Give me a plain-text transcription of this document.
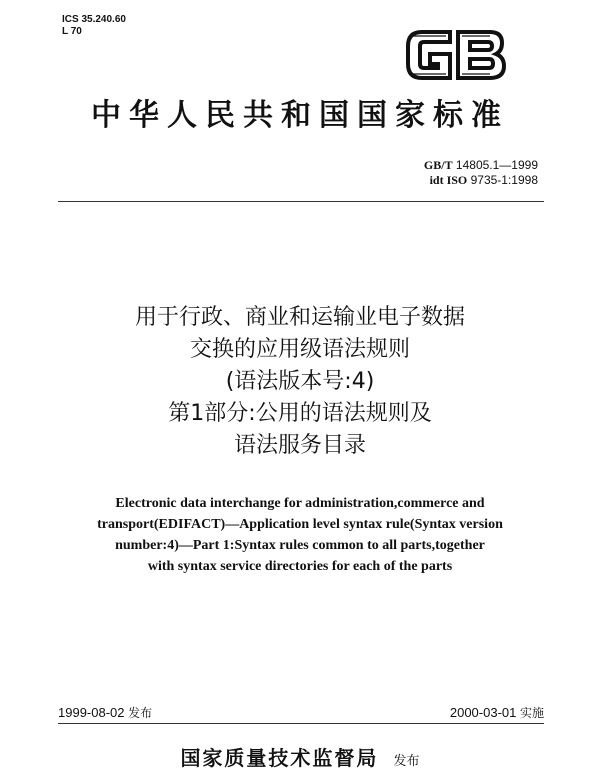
ICS 35.240.60
L 70
中华人民共和国国家标准
GB/T 14805.1—1999
idt ISO 9735-1:1998
用于行政、商业和运输业电子数据
交换的应用级语法规则
(语法版本号:4)
第1部分:公用的语法规则及
语法服务目录
Electronic data interchange for administration,commerce and
transport(EDIFACT)—Application level syntax rule(Syntax version
number:4)—Part 1:Syntax rules common to all parts,together
with syntax service directories for each of the parts
1999-08-02 发布	2000-03-01 实施
国家质量技术监督局 发布
